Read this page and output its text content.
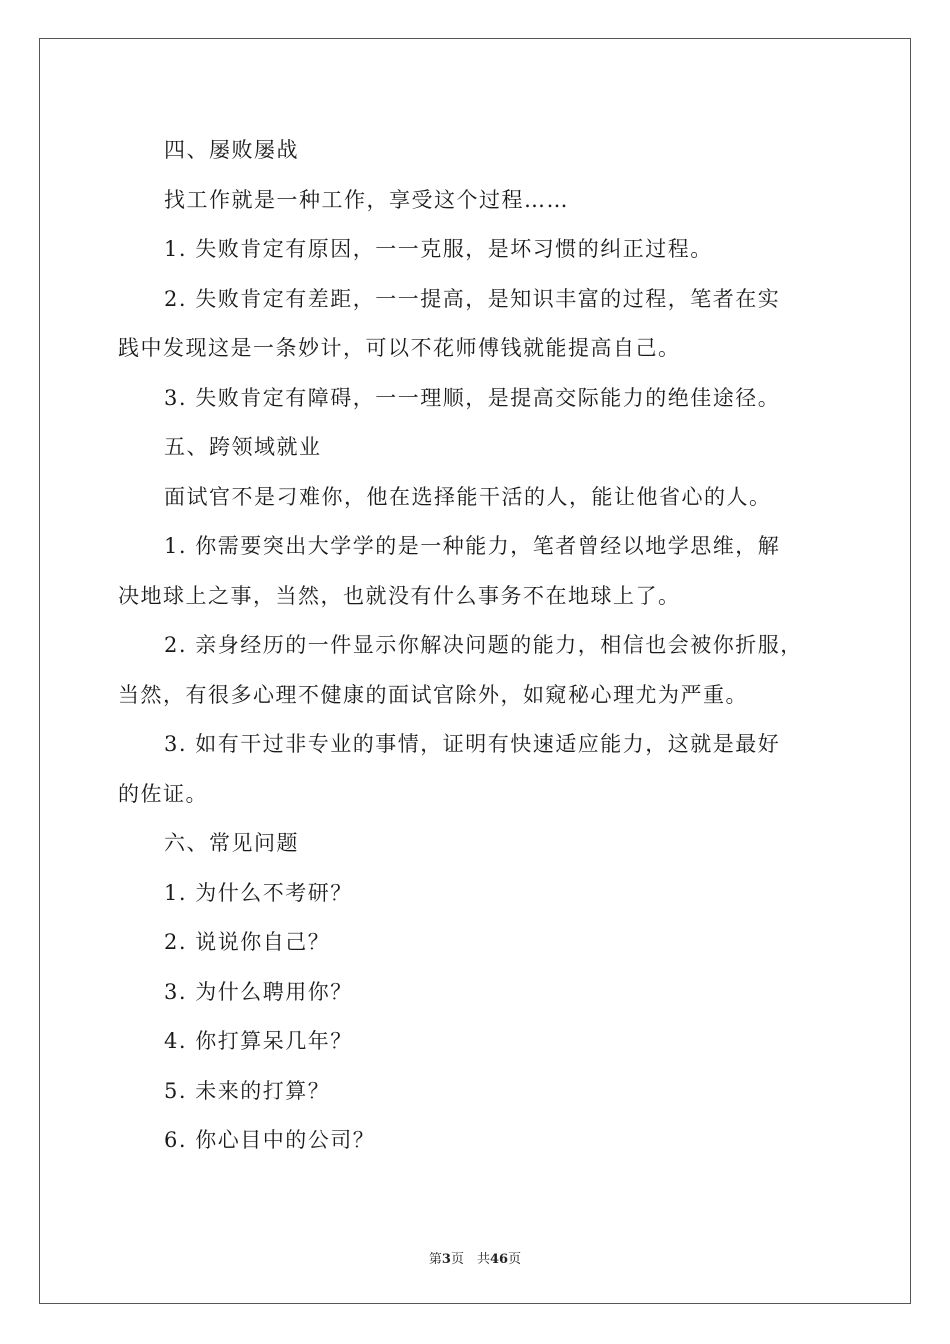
四、屡败屡战

找工作就是一种工作，享受这个过程……

1. 失败肯定有原因，一一克服，是坏习惯的纠正过程。

2. 失败肯定有差距，一一提高，是知识丰富的过程，笔者在实

践中发现这是一条妙计，可以不花师傅钱就能提高自己。

3. 失败肯定有障碍，一一理顺，是提高交际能力的绝佳途径。

五、跨领域就业

面试官不是刁难你，他在选择能干活的人，能让他省心的人。

1. 你需要突出大学学的是一种能力，笔者曾经以地学思维，解

决地球上之事，当然，也就没有什么事务不在地球上了。

2. 亲身经历的一件显示你解决问题的能力，相信也会被你折服，

当然，有很多心理不健康的面试官除外，如窥秘心理尤为严重。

3. 如有干过非专业的事情，证明有快速适应能力，这就是最好

的佐证。

六、常见问题

1. 为什么不考研？

2. 说说你自己？

3. 为什么聘用你？

4. 你打算呆几年？

5. 未来的打算？

6. 你心目中的公司？

第3页　共46页
